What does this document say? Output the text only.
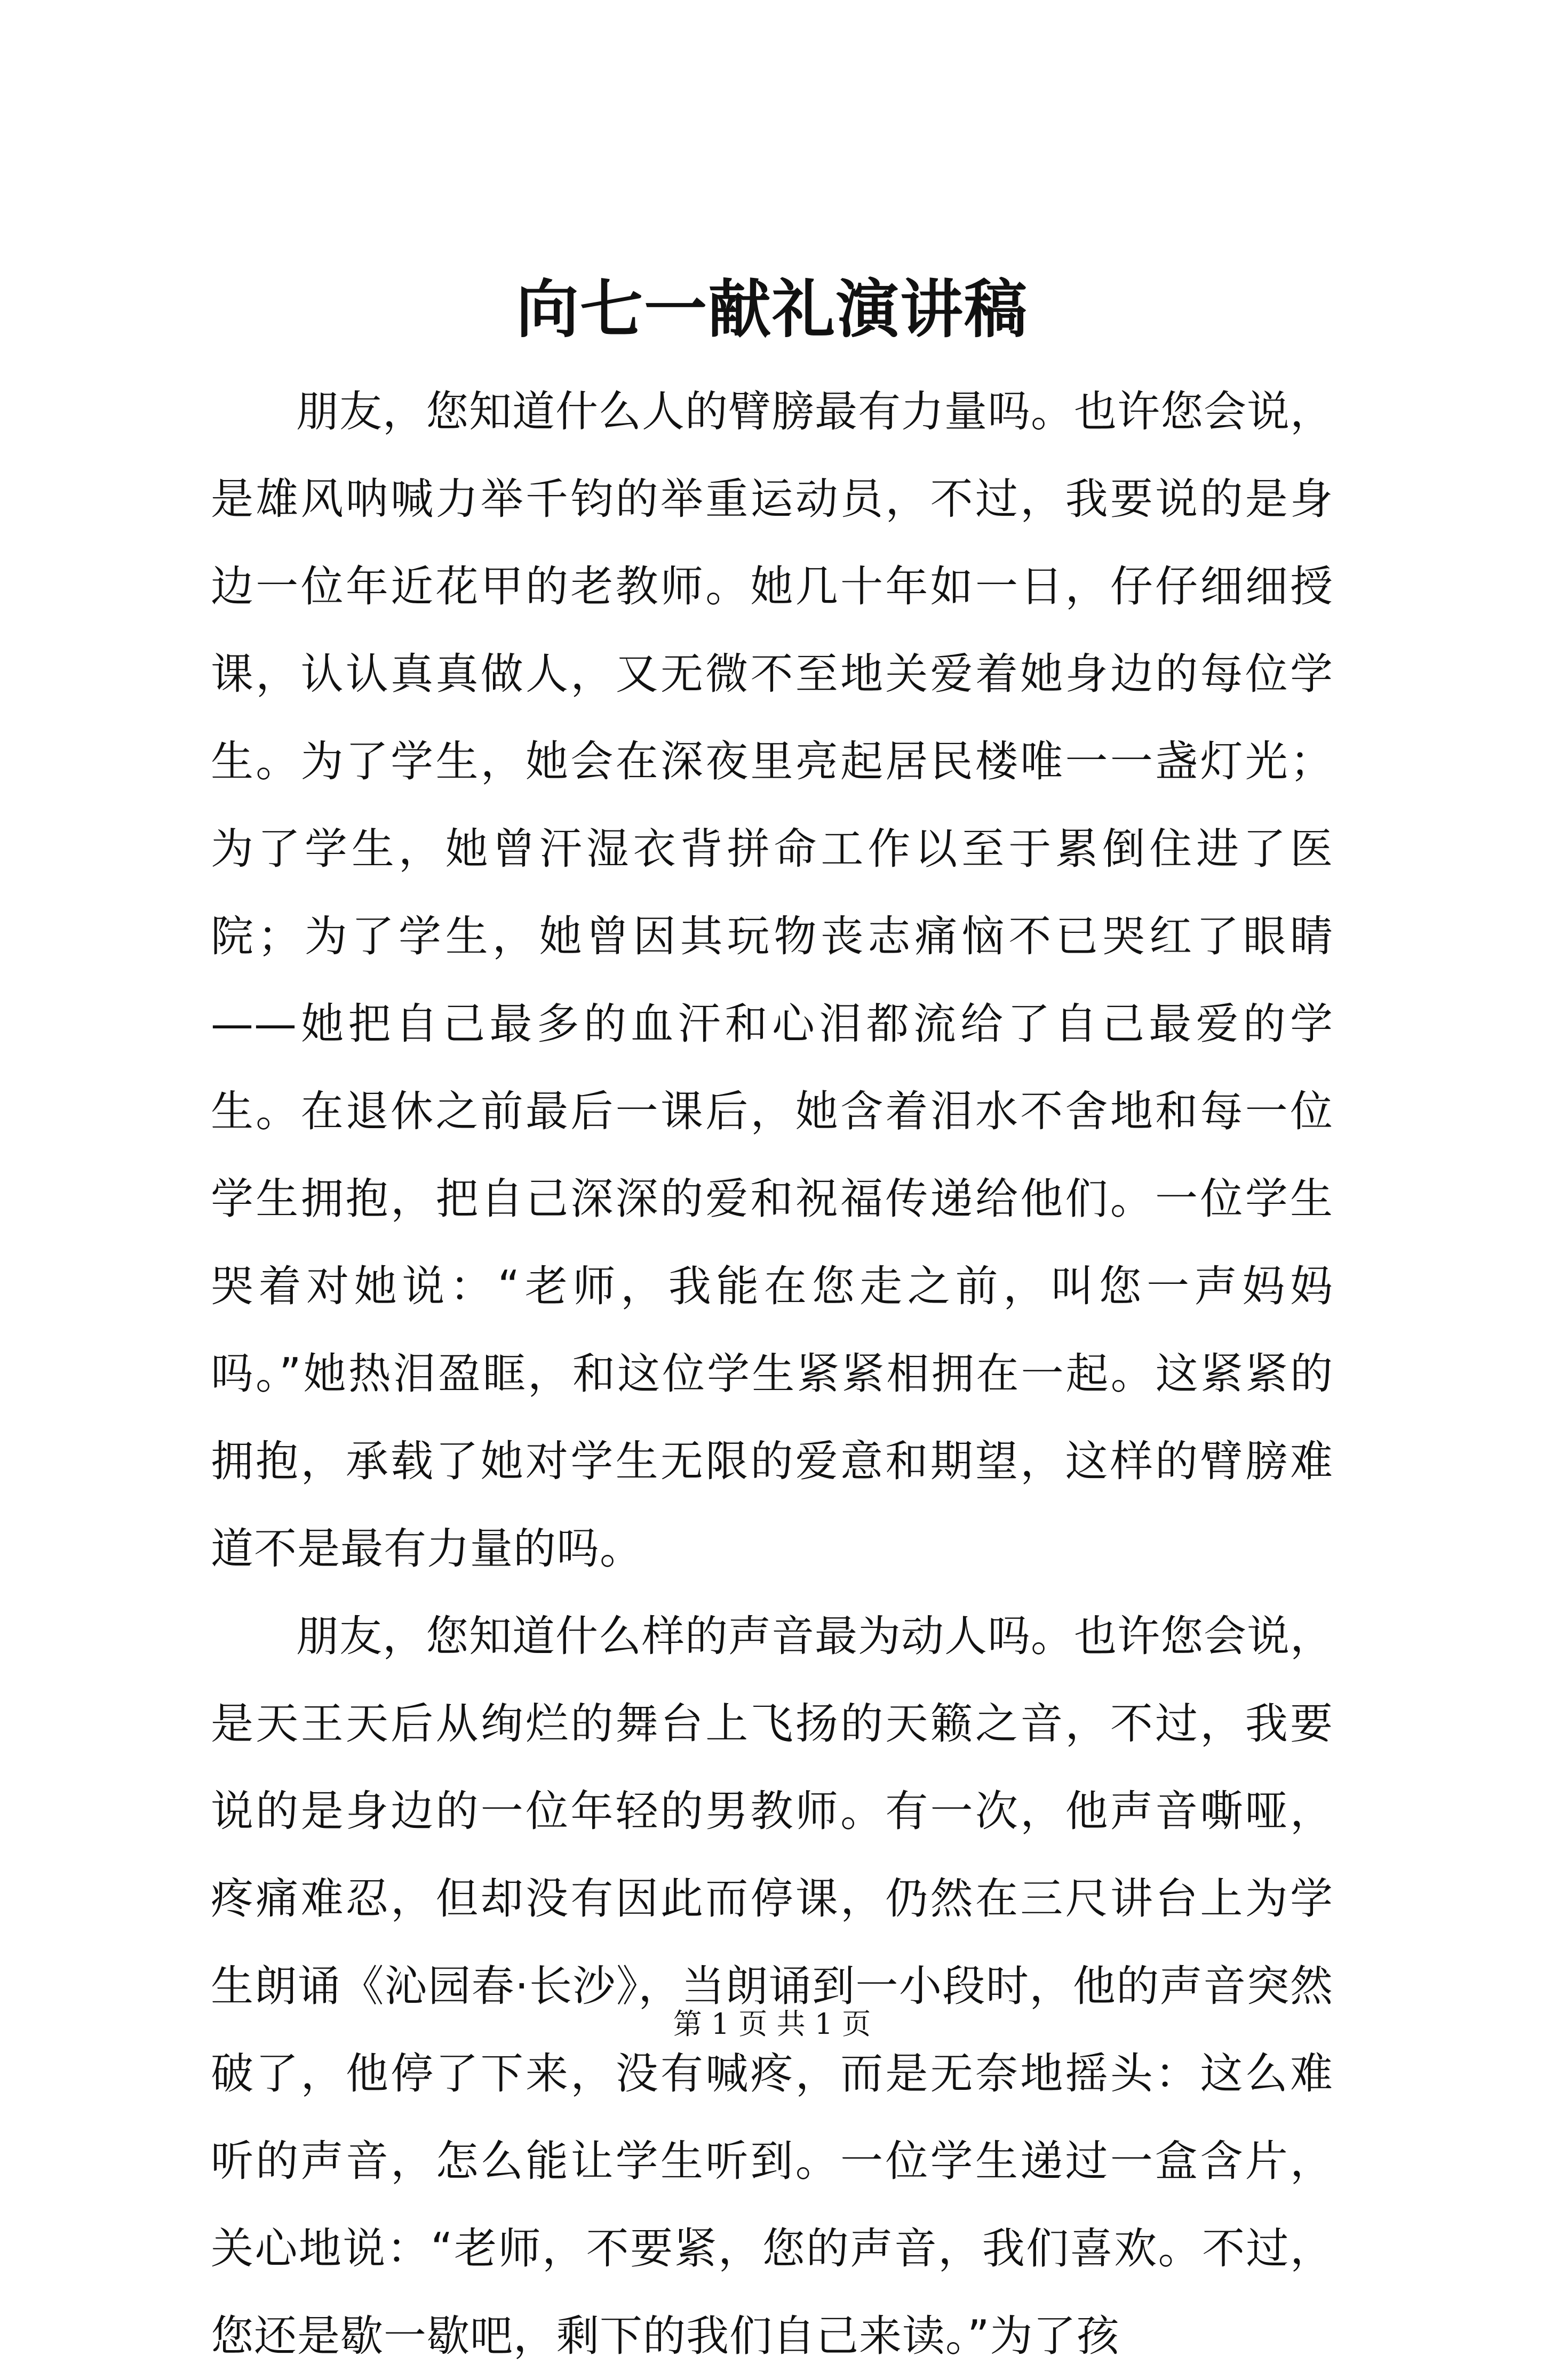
向七一献礼演讲稿

朋友，您知道什么人的臂膀最有力量吗。也许您会说，是雄风呐喊力举千钧的举重运动员，不过，我要说的是身边一位年近花甲的老教师。她几十年如一日，仔仔细细授课，认认真真做人，又无微不至地关爱着她身边的每位学生。为了学生，她会在深夜里亮起居民楼唯一一盏灯光；为了学生，她曾汗湿衣背拼命工作以至于累倒住进了医院；为了学生，她曾因其玩物丧志痛恼不已哭红了眼睛——她把自己最多的血汗和心泪都流给了自己最爱的学生。在退休之前最后一课后，她含着泪水不舍地和每一位学生拥抱，把自己深深的爱和祝福传递给他们。一位学生哭着对她说：“老师，我能在您走之前，叫您一声妈妈吗。”她热泪盈眶，和这位学生紧紧相拥在一起。这紧紧的拥抱，承载了她对学生无限的爱意和期望，这样的臂膀难道不是最有力量的吗。

朋友，您知道什么样的声音最为动人吗。也许您会说，是天王天后从绚烂的舞台上飞扬的天籁之音，不过，我要说的是身边的一位年轻的男教师。有一次，他声音嘶哑，疼痛难忍，但却没有因此而停课，仍然在三尺讲台上为学生朗诵《沁园春·长沙》，当朗诵到一小段时，他的声音突然破了，他停了下来，没有喊疼，而是无奈地摇头：这么难听的声音，怎么能让学生听到。一位学生递过一盒含片，关心地说：“老师，不要紧，您的声音，我们喜欢。不过，您还是歇一歇吧，剩下的我们自己来读。”为了孩

第 1 页 共 1 页
